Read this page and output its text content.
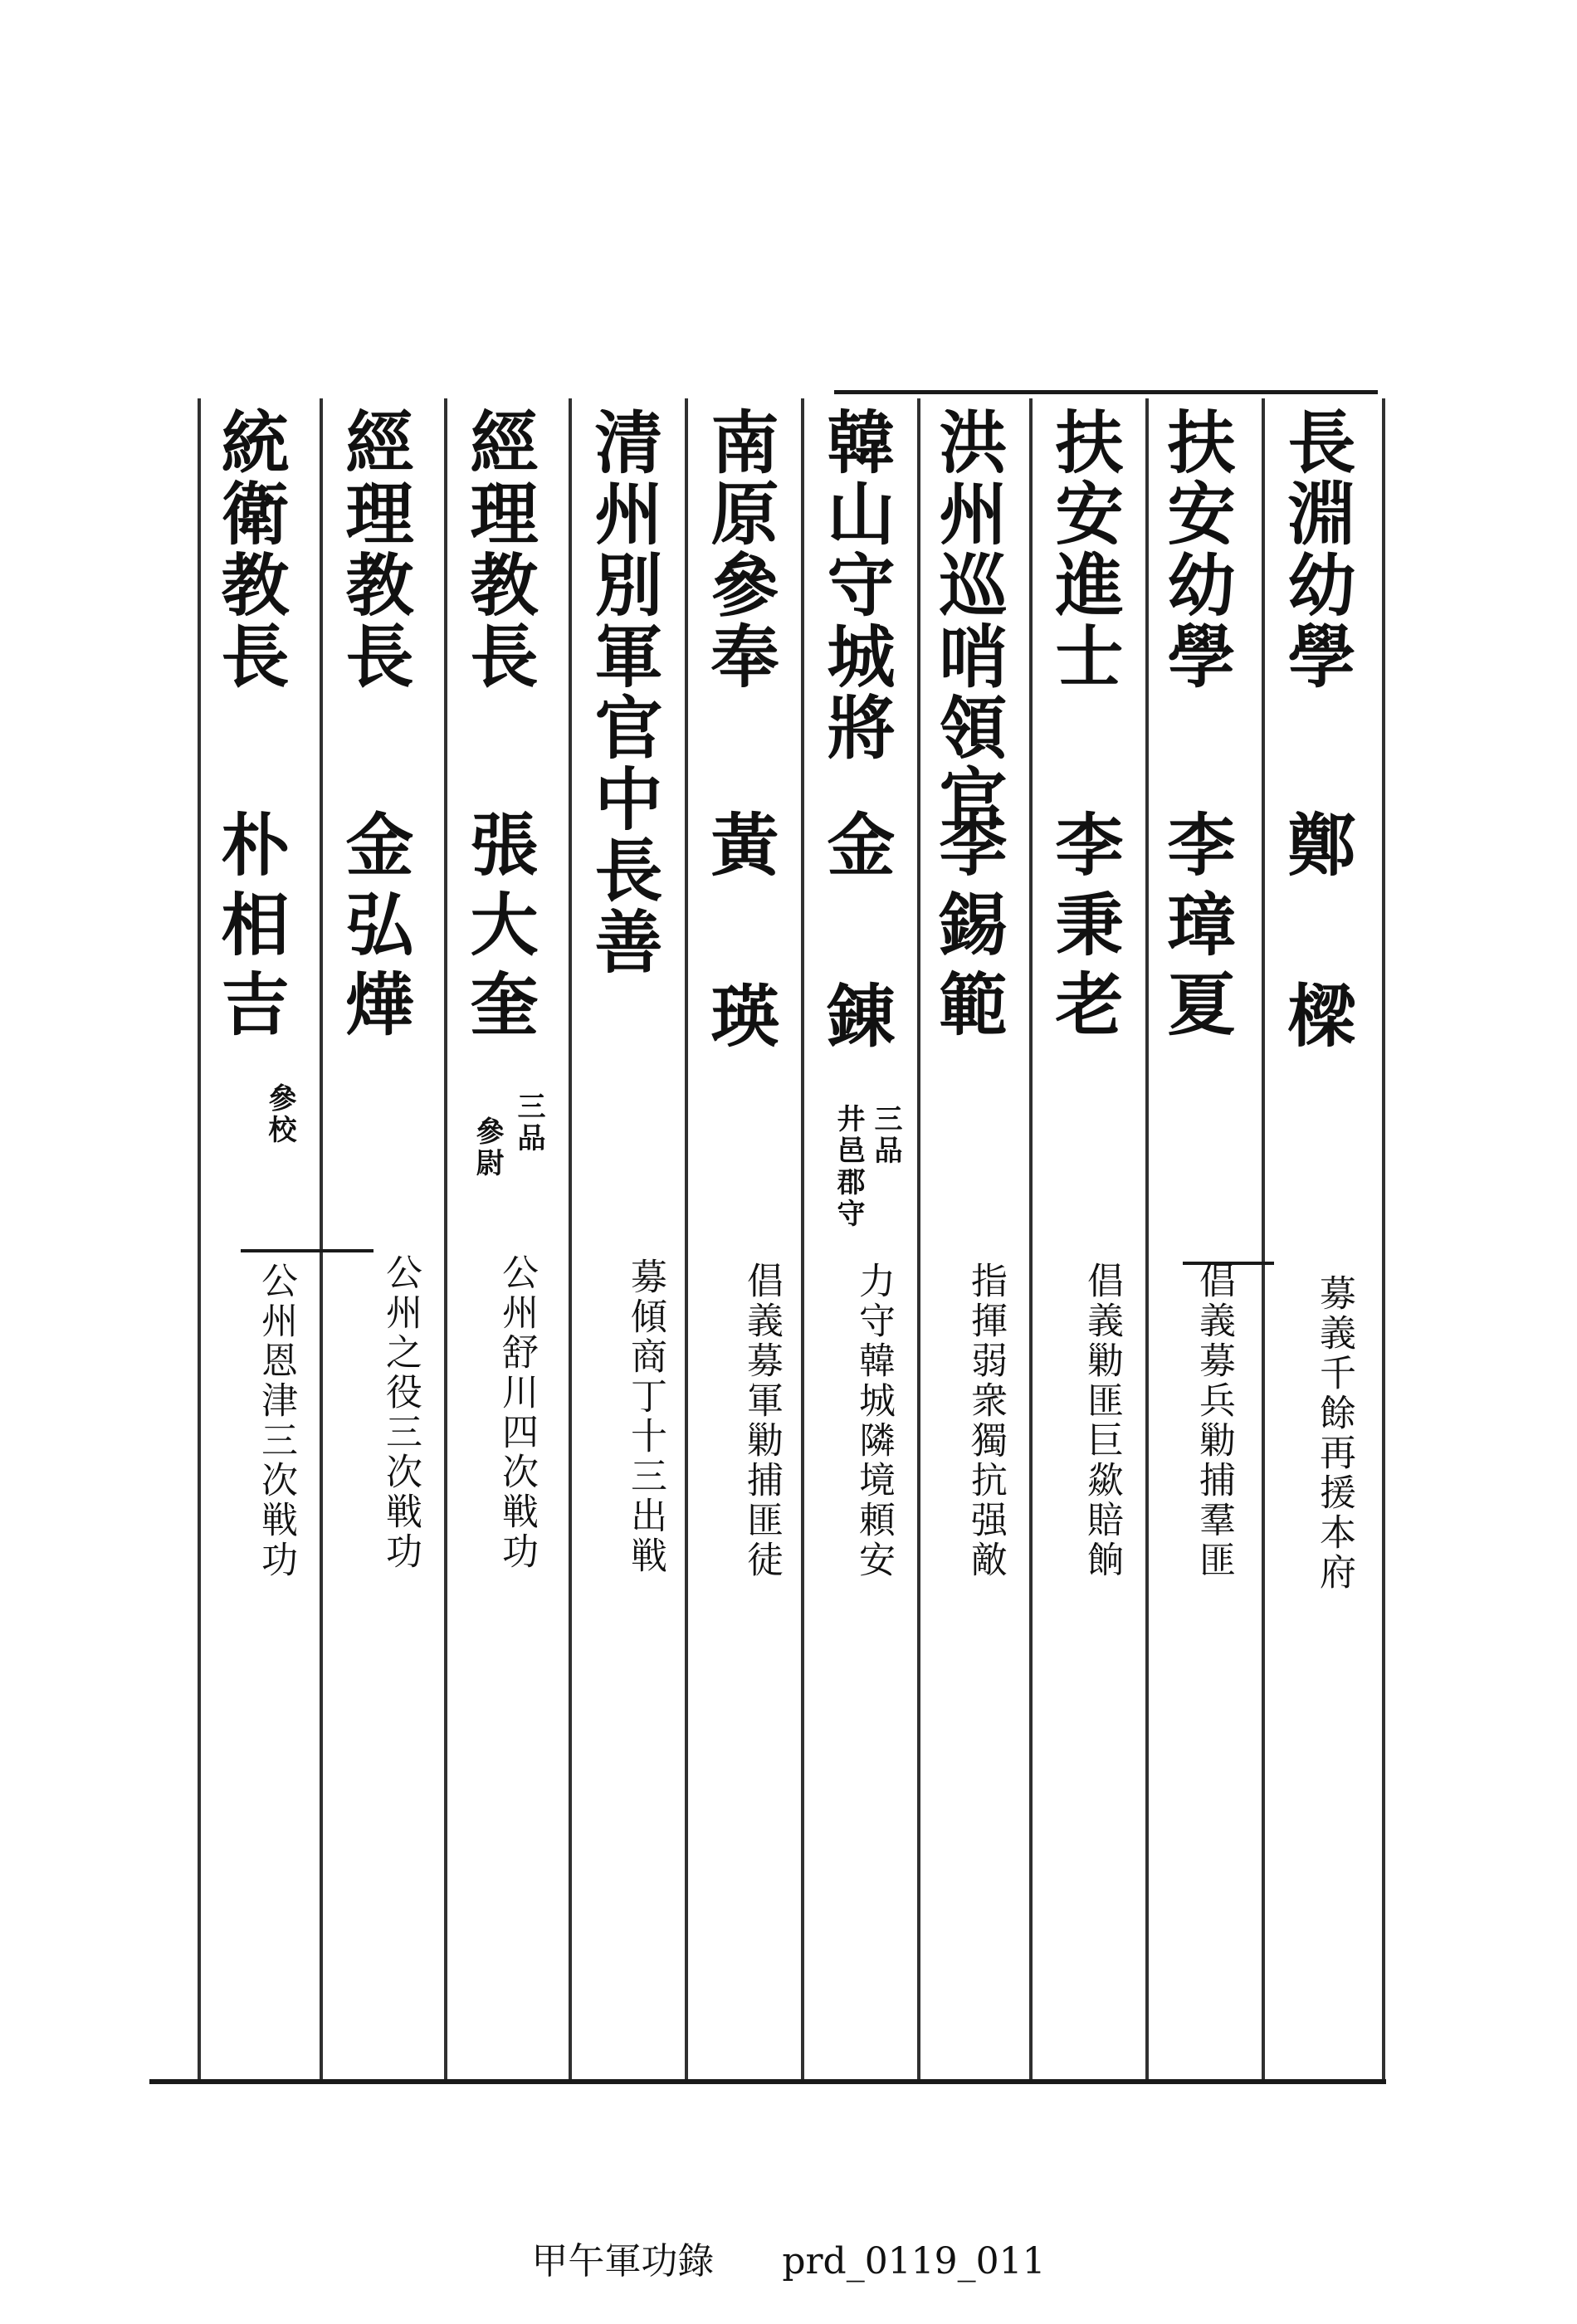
長淵幼學
鄭 樑
募義千餘再援本府
扶安幼學
李璋夏
倡義募兵勦捕羣匪
扶安進士
李秉老
倡義勦匪巨歘賠餉
洪州巡哨領官
李錫範
指揮弱衆獨抗强敵
韓山守城將
金 錬
三品
井邑郡守
力守韓城隣境頼安
南原參奉
黃 瑛
倡義募軍勦捕匪徒
清州別軍官中長善
募傾商丁十三出戦
經理教長
張大奎
三品
參尉
公州舒川四次戦功
經理教長
金弘燁
公州之役三次戦功
統衛教長
朴相吉
參校
公州恩津三次戦功
甲午軍功錄 prd_0119_011
